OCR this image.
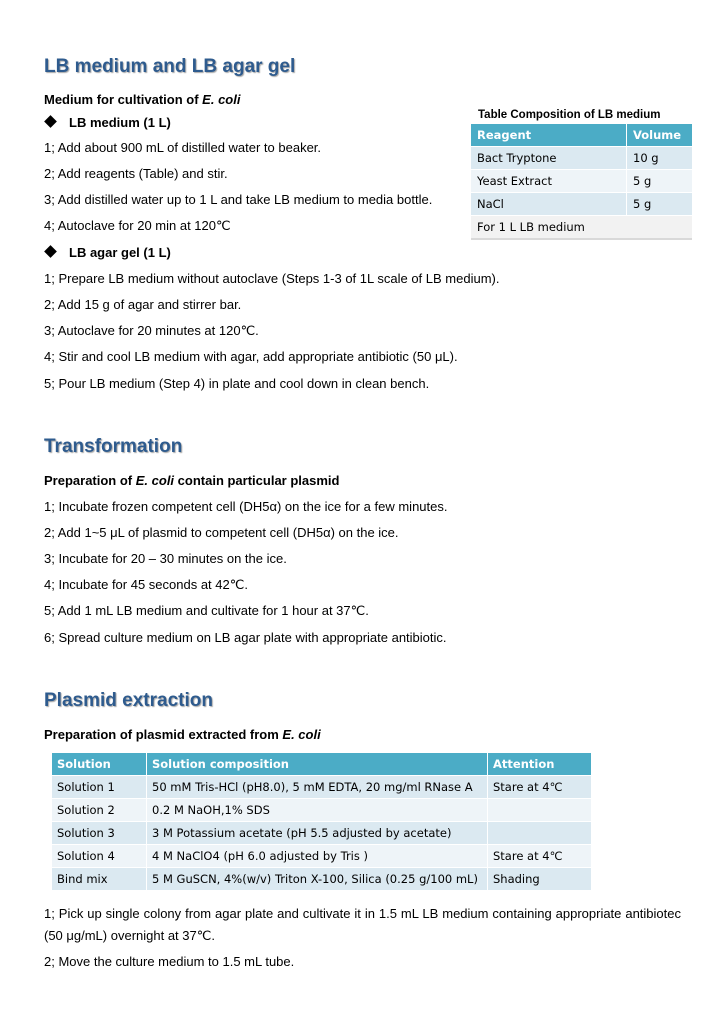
LB medium and LB agar gel
Medium for cultivation of E. coli
LB medium (1 L)
1; Add about 900 mL of distilled water to beaker.
2; Add reagents (Table) and stir.
3; Add distilled water up to 1 L and take LB medium to media bottle.
4; Autoclave for 20 min at 120℃
LB agar gel (1 L)
1; Prepare LB medium without autoclave (Steps 1-3 of 1L scale of LB medium).
2; Add 15 g of agar and stirrer bar.
3; Autoclave for 20 minutes at 120℃.
4; Stir and cool LB medium with agar, add appropriate antibiotic (50 μL).
5; Pour LB medium (Step 4) in plate and cool down in clean bench.
Table Composition of LB medium
Reagent	Volume
Bact Tryptone	10 g
Yeast Extract	5 g
NaCl	5 g
For 1 L LB medium	
Transformation
Preparation of E. coli contain particular plasmid
1; Incubate frozen competent cell (DH5α) on the ice for a few minutes.
2; Add 1~5 μL of plasmid to competent cell (DH5α) on the ice.
3; Incubate for 20 – 30 minutes on the ice.
4; Incubate for 45 seconds at 42℃.
5; Add 1 mL LB medium and cultivate for 1 hour at 37℃.
6; Spread culture medium on LB agar plate with appropriate antibiotic.
Plasmid extraction
Preparation of plasmid extracted from E. coli
Solution	Solution composition	Attention
Solution 1	50 mM Tris-HCl (pH8.0), 5 mM EDTA, 20 mg/ml RNase A	Stare at 4℃
Solution 2	0.2 M NaOH,1% SDS	
Solution 3	3 M Potassium acetate (pH 5.5 adjusted by acetate)	
Solution 4	4 M NaClO4 (pH 6.0 adjusted by Tris )	Stare at 4℃
Bind mix	5 M GuSCN, 4%(w/v) Triton X-100, Silica (0.25 g/100 mL)	Shading
1; Pick up single colony from agar plate and cultivate it in 1.5 mL LB medium containing appropriate antibiotec (50 μg/mL) overnight at 37℃.
2; Move the culture medium to 1.5 mL tube.
